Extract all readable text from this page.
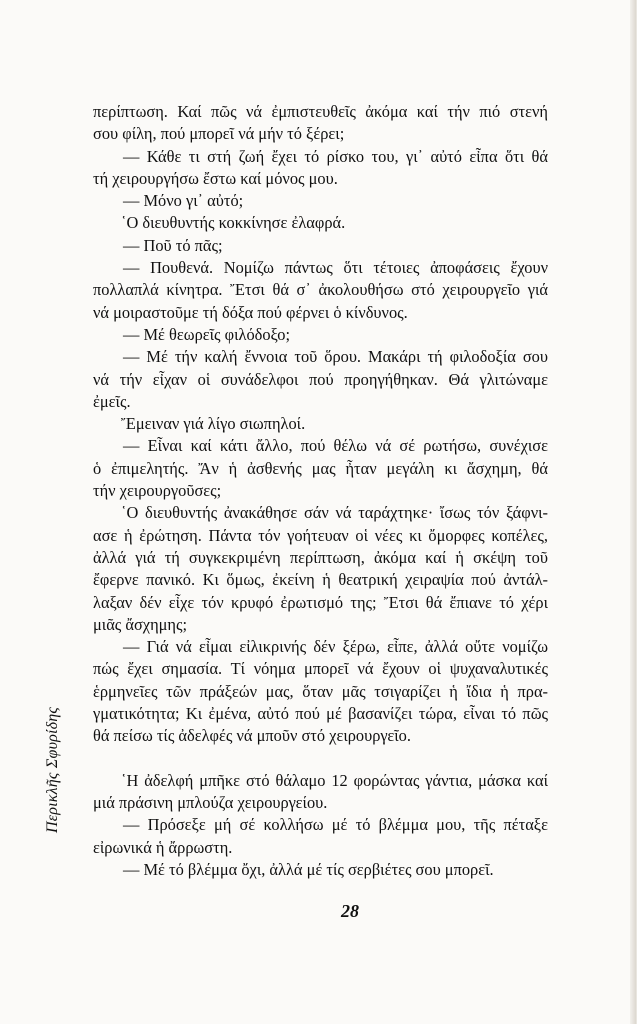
Περικλῆς Σφυρίδης
περίπτωση. Καί πῶς νά ἐμπιστευθεῖς ἀκόμα καί τήν πιό στενή
σου φίλη, πού μπορεῖ νά μήν τό ξέρει;
— Κάθε τι στή ζωή ἔχει τό ρίσκο του, γι᾿ αὐτό εἶπα ὅτι θά
τή χειρουργήσω ἔστω καί μόνος μου.
— Μόνο γι᾿ αὐτό;
῾Ο διευθυντής κοκκίνησε ἐλαφρά.
— Ποῦ τό πᾶς;
— Πουθενά. Νομίζω πάντως ὅτι τέτοιες ἀποφάσεις ἔχουν
πολλαπλά κίνητρα. Ἔτσι θά σ᾿ ἀκολουθήσω στό χειρουργεῖο γιά
νά μοιραστοῦμε τή δόξα πού φέρνει ὁ κίνδυνος.
— Μέ θεωρεῖς φιλόδοξο;
— Μέ τήν καλή ἔννοια τοῦ ὅρου. Μακάρι τή φιλοδοξία σου
νά τήν εἶχαν οἱ συνάδελφοι πού προηγήθηκαν. Θά γλιτώναμε
ἐμεῖς.
Ἔμειναν γιά λίγο σιωπηλοί.
— Εἶναι καί κάτι ἄλλο, πού θέλω νά σέ ρωτήσω, συνέχισε
ὁ ἐπιμελητής. Ἄν ἡ ἀσθενής μας ἦταν μεγάλη κι ἄσχημη, θά
τήν χειρουργοῦσες;
῾Ο διευθυντής ἀνακάθησε σάν νά ταράχτηκε· ἴσως τόν ξάφνι-
ασε ἡ ἐρώτηση. Πάντα τόν γοήτευαν οἱ νέες κι ὄμορφες κοπέλες,
ἀλλά γιά τή συγκεκριμένη περίπτωση, ἀκόμα καί ἡ σκέψη τοῦ
ἔφερνε πανικό. Κι ὅμως, ἐκείνη ἡ θεατρική χειραψία πού ἀντάλ-
λαξαν δέν εἶχε τόν κρυφό ἐρωτισμό της; Ἔτσι θά ἔπιανε τό χέρι
μιᾶς ἄσχημης;
— Γιά νά εἶμαι εἰλικρινής δέν ξέρω, εἶπε, ἀλλά οὔτε νομίζω
πώς ἔχει σημασία. Τί νόημα μπορεῖ νά ἔχουν οἱ ψυχαναλυτικές
ἑρμηνεῖες τῶν πράξεών μας, ὅταν μᾶς τσιγαρίζει ἡ ἴδια ἡ πρα-
γματικότητα; Κι ἐμένα, αὐτό πού μέ βασανίζει τώρα, εἶναι τό πῶς
θά πείσω τίς ἀδελφές νά μποῦν στό χειρουργεῖο.
῾Η ἀδελφή μπῆκε στό θάλαμο 12 φορώντας γάντια, μάσκα καί
μιά πράσινη μπλούζα χειρουργείου.
— Πρόσεξε μή σέ κολλήσω μέ τό βλέμμα μου, τῆς πέταξε
εἰρωνικά ἡ ἄρρωστη.
— Μέ τό βλέμμα ὄχι, ἀλλά μέ τίς σερβιέτες σου μπορεῖ.
28
